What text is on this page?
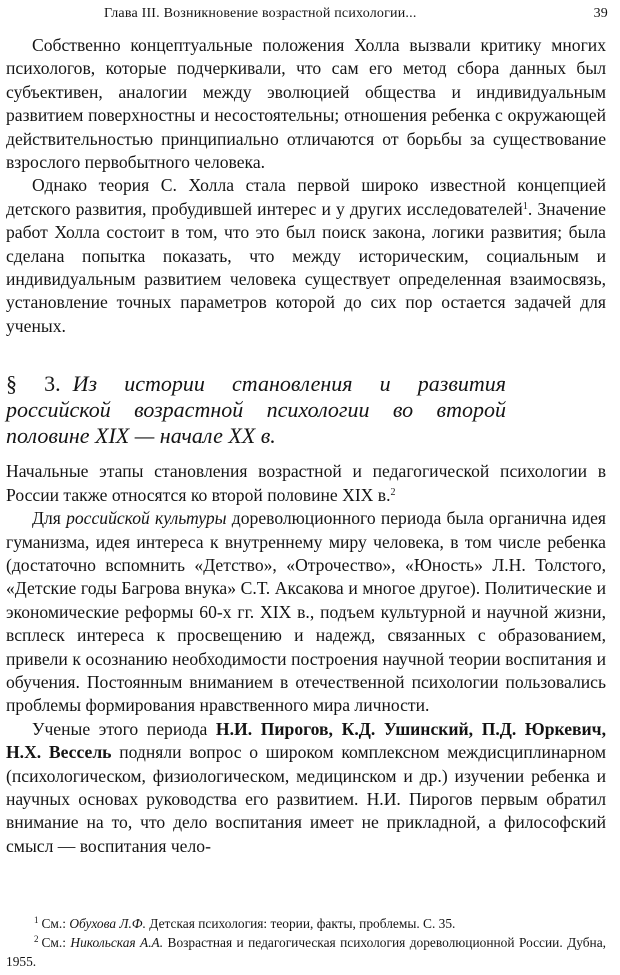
Глава III. Возникновение возрастной психологии...	39

Собственно концептуальные положения Холла вызвали критику многих психологов, которые подчеркивали, что сам его метод сбора данных был субъективен, аналогии между эволюцией общества и индивидуальным развитием поверхностны и несостоятельны; отношения ребенка с окружающей действительностью принципиально отличаются от борьбы за существование взрослого первобытного человека.

Однако теория С. Холла стала первой широко известной концепцией детского развития, пробудившей интерес и у других исследователей$^1$. Значение работ Холла состоит в том, что это был поиск закона, логики развития; была сделана попытка показать, что между историческим, социальным и индивидуальным развитием человека существует определенная взаимосвязь, установление точных параметров которой до сих пор остается задачей для ученых.

§ 3. Из истории становления и развития российской возрастной психологии во второй половине XIX — начале XX в.

Начальные этапы становления возрастной и педагогической психологии в России также относятся ко второй половине XIX в.$^2$

Для российской культуры дореволюционного периода была органична идея гуманизма, идея интереса к внутреннему миру человека, в том числе ребенка (достаточно вспомнить «Детство», «Отрочество», «Юность» Л.Н. Толстого, «Детские годы Багрова внука» С.Т. Аксакова и многое другое). Политические и экономические реформы 60-х гг. XIX в., подъем культурной и научной жизни, всплеск интереса к просвещению и надежд, связанных с образованием, привели к осознанию необходимости построения научной теории воспитания и обучения. Постоянным вниманием в отечественной психологии пользовались проблемы формирования нравственного мира личности.

Ученые этого периода Н.И. Пирогов, К.Д. Ушинский, П.Д. Юркевич, Н.Х. Вессель подняли вопрос о широком комплексном междисциплинарном (психологическом, физиологическом, медицинском и др.) изучении ребенка и научных основах руководства его развитием. Н.И. Пирогов первым обратил внимание на то, что дело воспитания имеет не прикладной, а философский смысл — воспитания чело-

$^1$ См.: Обухова Л.Ф. Детская психология: теории, факты, проблемы. С. 35.

$^2$ См.: Никольская А.А. Возрастная и педагогическая психология дореволюционной России. Дубна, 1955.
